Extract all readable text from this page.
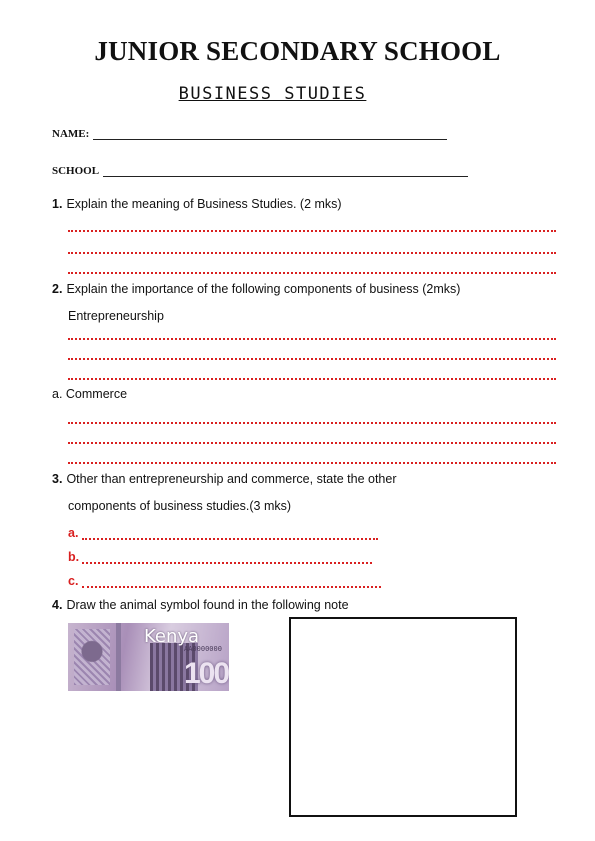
JUNIOR SECONDARY SCHOOL
BUSINESS STUDIES
NAME:
SCHOOL
1. Explain the meaning of Business Studies. (2 mks)
2. Explain the importance of the following components of business (2mks)
Entrepreneurship
a. Commerce
3. Other than entrepreneurship and commerce, state the other
components of business studies.(3 mks)
a.
b.
c.
4. Draw the animal symbol found in the following note
Kenya
AA0000000
100
